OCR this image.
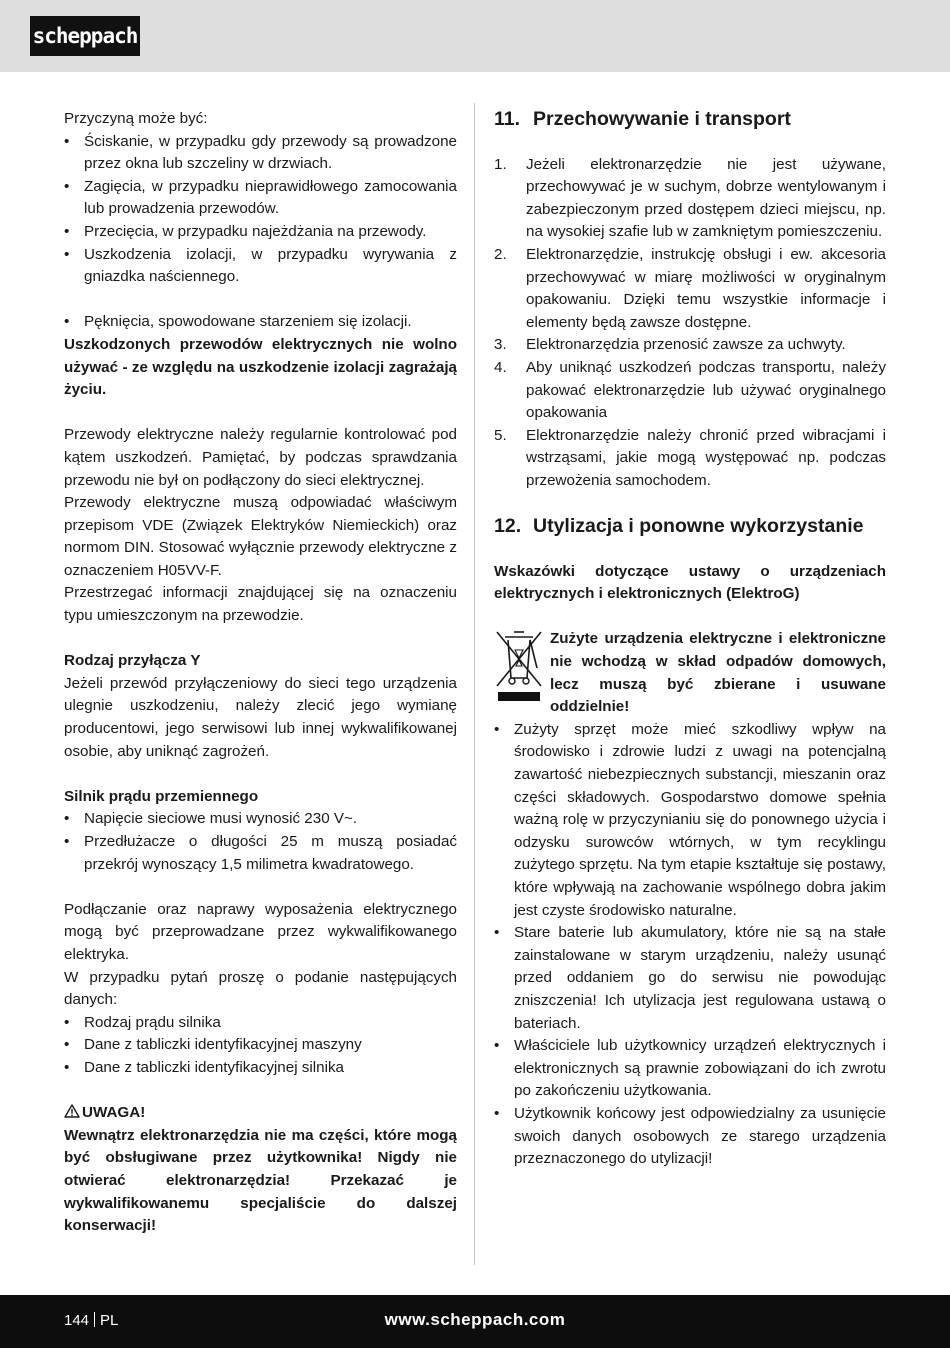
scheppach

Przyczyną może być:

• Ściskanie, w przypadku gdy przewody są prowadzone przez okna lub szczeliny w drzwiach.
• Zagięcia, w przypadku nieprawidłowego zamocowania lub prowadzenia przewodów.
• Przecięcia, w przypadku najeżdżania na przewody.
• Uszkodzenia izolacji, w przypadku wyrywania z gniazdka naściennego.
• Pęknięcia, spowodowane starzeniem się izolacji.

Uszkodzonych przewodów elektrycznych nie wolno używać - ze względu na uszkodzenie izolacji zagrażają życiu.

Przewody elektryczne należy regularnie kontrolować pod kątem uszkodzeń. Pamiętać, by podczas sprawdzania przewodu nie był on podłączony do sieci elektrycznej.

Przewody elektryczne muszą odpowiadać właściwym przepisom VDE (Związek Elektryków Niemieckich) oraz normom DIN. Stosować wyłącznie przewody elektryczne z oznaczeniem H05VV-F.

Przestrzegać informacji znajdującej się na oznaczeniu typu umieszczonym na przewodzie.

Rodzaj przyłącza Y

Jeżeli przewód przyłączeniowy do sieci tego urządzenia ulegnie uszkodzeniu, należy zlecić jego wymianę producentowi, jego serwisowi lub innej wykwalifikowanej osobie, aby uniknąć zagrożeń.

Silnik prądu przemiennego

• Napięcie sieciowe musi wynosić 230 V~.
• Przedłużacze o długości 25 m muszą posiadać przekrój wynoszący 1,5 milimetra kwadratowego.

Podłączanie oraz naprawy wyposażenia elektrycznego mogą być przeprowadzane przez wykwalifikowanego elektryka.

W przypadku pytań proszę o podanie następujących danych:

• Rodzaj prądu silnika
• Dane z tabliczki identyfikacyjnej maszyny
• Dane z tabliczki identyfikacyjnej silnika

UWAGA!

Wewnątrz elektronarzędzia nie ma części, które mogą być obsługiwane przez użytkownika! Nigdy nie otwierać elektronarzędzia! Przekazać je wykwalifikowanemu specjaliście do dalszej konserwacji!

11. Przechowywanie i transport
1. Jeżeli elektronarzędzie nie jest używane, przechowywać je w suchym, dobrze wentylowanym i zabezpieczonym przed dostępem dzieci miejscu, np. na wysokiej szafie lub w zamkniętym pomieszczeniu.
2. Elektronarzędzie, instrukcję obsługi i ew. akcesoria przechowywać w miarę możliwości w oryginalnym opakowaniu. Dzięki temu wszystkie informacje i elementy będą zawsze dostępne.
3. Elektronarzędzia przenosić zawsze za uchwyty.
4. Aby uniknąć uszkodzeń podczas transportu, należy pakować elektronarzędzie lub używać oryginalnego opakowania
5. Elektronarzędzie należy chronić przed wibracjami i wstrząsami, jakie mogą występować np. podczas przewożenia samochodem.
12. Utylizacja i ponowne wykorzystanie

Wskazówki dotyczące ustawy o urządzeniach elektrycznych i elektronicznych (ElektroG)

Zużyte urządzenia elektryczne i elektroniczne nie wchodzą w skład odpadów domowych, lecz muszą być zbierane i usuwane oddzielnie!

• Zużyty sprzęt może mieć szkodliwy wpływ na środowisko i zdrowie ludzi z uwagi na potencjalną zawartość niebezpiecznych substancji, mieszanin oraz części składowych. Gospodarstwo domowe spełnia ważną rolę w przyczynianiu się do ponownego użycia i odzysku surowców wtórnych, w tym recyklingu zużytego sprzętu. Na tym etapie kształtuje się postawy, które wpływają na zachowanie wspólnego dobra jakim jest czyste środowisko naturalne.
• Stare baterie lub akumulatory, które nie są na stałe zainstalowane w starym urządzeniu, należy usunąć przed oddaniem go do serwisu nie powodując zniszczenia! Ich utylizacja jest regulowana ustawą o bateriach.
• Właściciele lub użytkownicy urządzeń elektrycznych i elektronicznych są prawnie zobowiązani do ich zwrotu po zakończeniu użytkowania.
• Użytkownik końcowy jest odpowiedzialny za usunięcie swoich danych osobowych ze starego urządzenia przeznaczonego do utylizacji!
144 PL	www.scheppach.com
